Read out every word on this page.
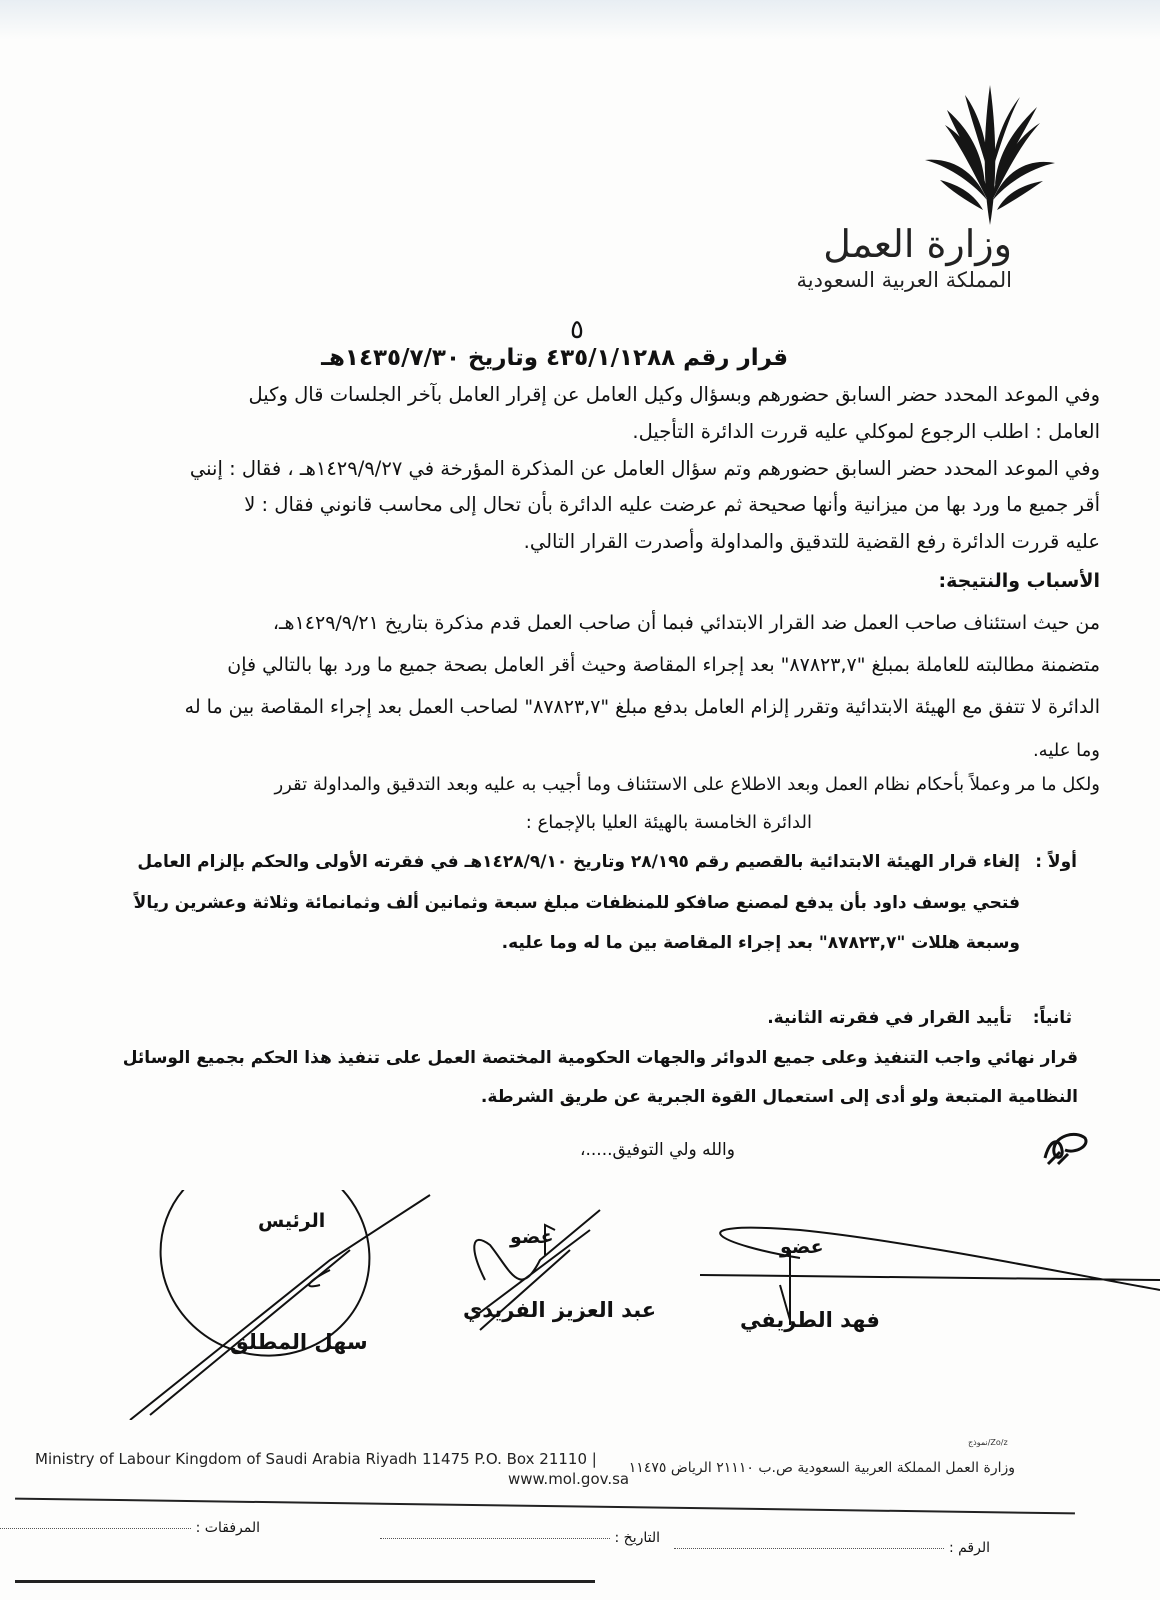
وزارة العمل
المملكة العربية السعودية
٥
قرار رقم ٤٣٥/١/١٢٨٨ وتاريخ ١٤٣٥/٧/٣٠هـ
وفي الموعد المحدد حضر السابق حضورهم وبسؤال وكيل العامل عن إقرار العامل بآخر الجلسات قال وكيل
العامل : اطلب الرجوع لموكلي عليه قررت الدائرة التأجيل.
وفي الموعد المحدد حضر السابق حضورهم وتم سؤال العامل عن المذكرة المؤرخة في ١٤٢٩/٩/٢٧هـ ، فقال : إنني
أقر جميع ما ورد بها من ميزانية وأنها صحيحة ثم عرضت عليه الدائرة بأن تحال إلى محاسب قانوني فقال : لا
عليه قررت الدائرة رفع القضية للتدقيق والمداولة وأصدرت القرار التالي.
الأسباب والنتيجة:
من حيث استئناف صاحب العمل ضد القرار الابتدائي فبما أن صاحب العمل قدم مذكرة بتاريخ ١٤٢٩/٩/٢١هـ،
متضمنة مطالبته للعاملة بمبلغ "٨٧٨٢٣,٧" بعد إجراء المقاصة وحيث أقر العامل بصحة جميع ما ورد بها بالتالي فإن
الدائرة لا تتفق مع الهيئة الابتدائية وتقرر إلزام العامل بدفع مبلغ "٨٧٨٢٣,٧" لصاحب العمل بعد إجراء المقاصة بين ما له
وما عليه.
ولكل ما مر وعملاً بأحكام نظام العمل وبعد الاطلاع على الاستئناف وما أجيب به عليه وبعد التدقيق والمداولة تقرر
الدائرة الخامسة بالهيئة العليا بالإجماع :
أولاً :
إلغاء قرار الهيئة الابتدائية بالقصيم رقم ٢٨/١٩٥ وتاريخ ١٤٢٨/٩/١٠هـ في فقرته الأولى والحكم بإلزام العامل
فتحي يوسف داود بأن يدفع لمصنع صافكو للمنظفات مبلغ سبعة وثمانين ألف وثمانمائة وثلاثة وعشرين ريالاً
وسبعة هللات "٨٧٨٢٣,٧" بعد إجراء المقاصة بين ما له وما عليه.
ثانياً:
تأييد القرار في فقرته الثانية.
قرار نهائي واجب التنفيذ وعلى جميع الدوائر والجهات الحكومية المختصة العمل على تنفيذ هذا الحكم بجميع الوسائل
النظامية المتبعة ولو أدى إلى استعمال القوة الجبرية عن طريق الشرطة.
والله ولي التوفيق.....،
الرئيس
سهل المطلق
عضو
عبد العزيز الفريدي
عضو
فهد الطريفي
Zo/z/نموذج
Ministry of Labour Kingdom of Saudi Arabia Riyadh 11475 P.O. Box 21110 | وزارة العمل المملكة العربية السعودية ص.ب ٢١١١٠ الرياض ١١٤٧٥
www.mol.gov.sa
الرقم :
التاريخ :
المرفقات :
